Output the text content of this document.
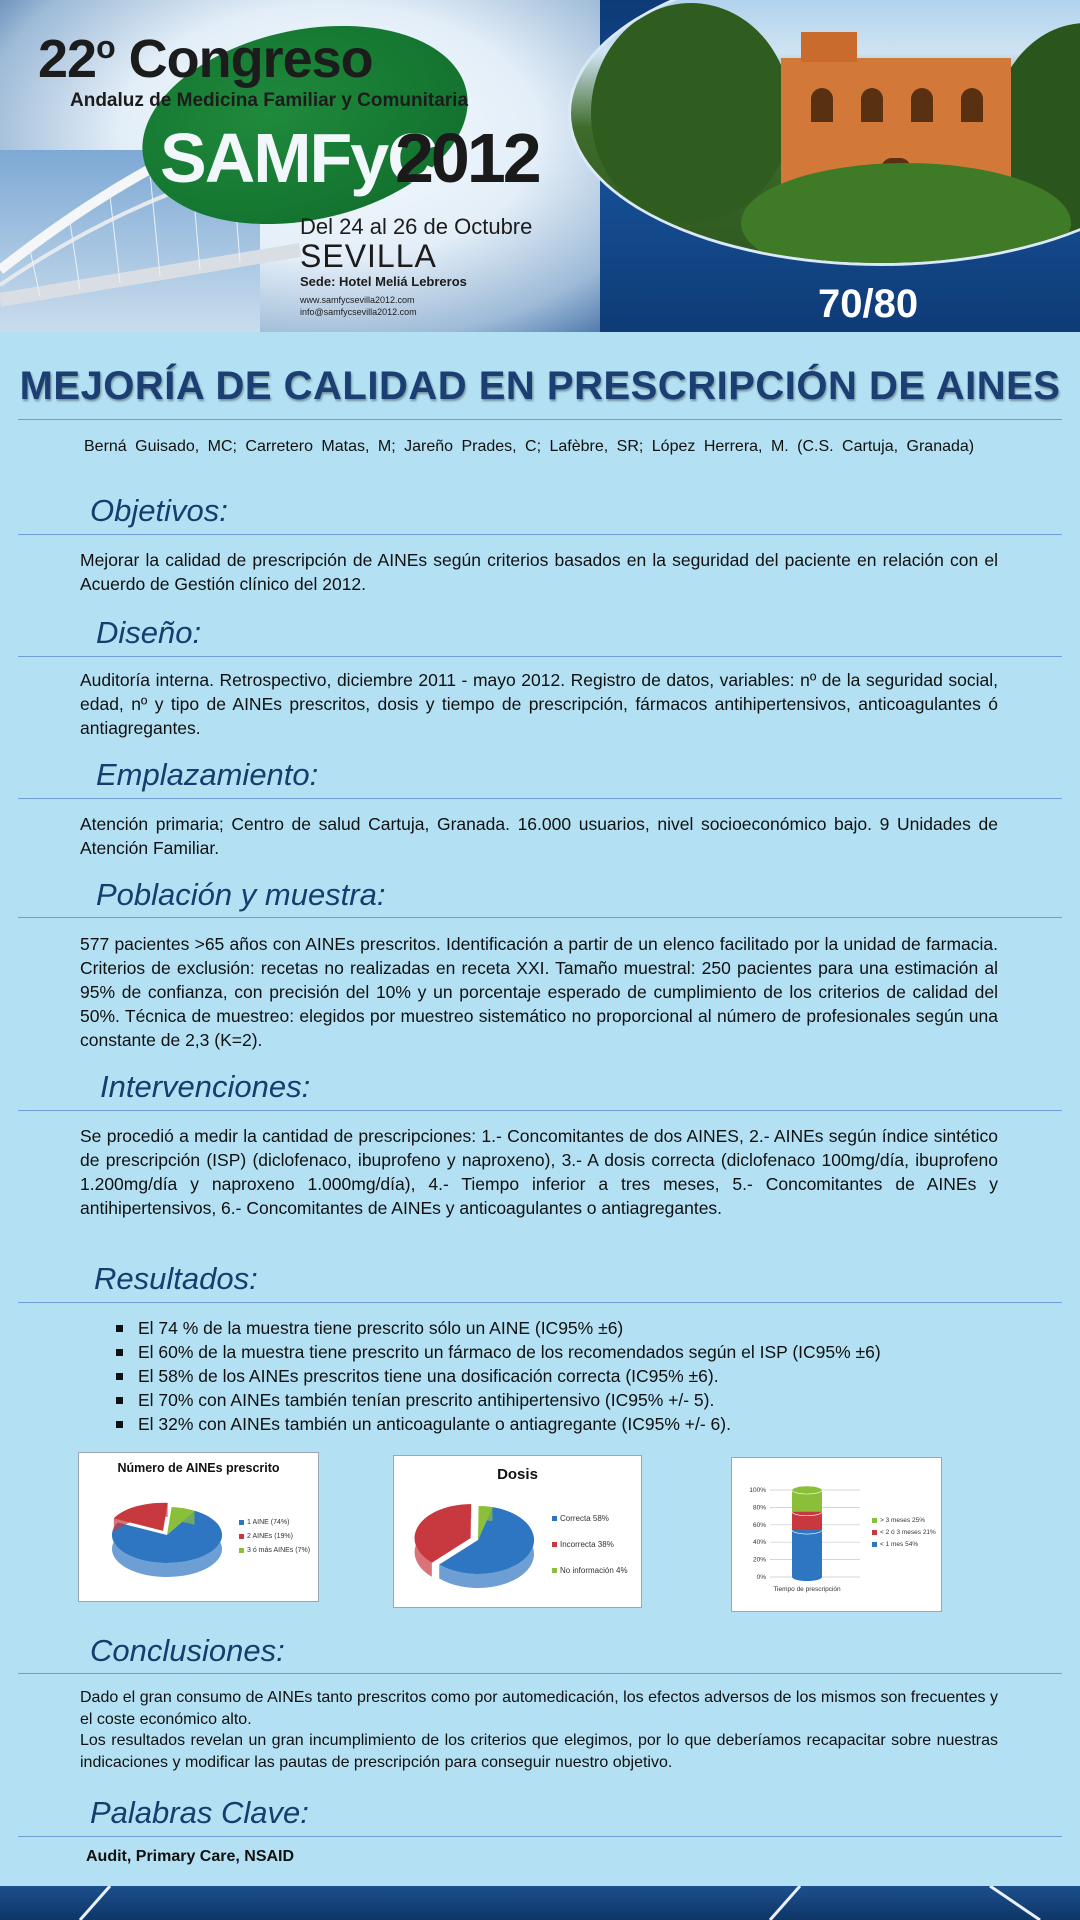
22$^o$ Congreso
Andaluz de Medicina Familiar y Comunitaria
SAMFyC
2012
Del 24 al 26 de Octubre
SEVILLA
Sede: Hotel Meliá Lebreros
www.samfycsevilla2012.com
info@samfycsevilla2012.com	70/80
MEJORÍA DE CALIDAD EN PRESCRIPCIÓN DE AINES
Berná Guisado, MC; Carretero Matas, M; Jareño Prades, C; Lafèbre, SR; López Herrera, M. (C.S. Cartuja, Granada)
Objetivos:
Mejorar la calidad de prescripción de AINEs según criterios basados en la seguridad del paciente en relación con el Acuerdo de Gestión clínico del 2012.
Diseño:
Auditoría interna. Retrospectivo, diciembre 2011 - mayo 2012. Registro de datos, variables: nº de la seguridad social, edad, nº y tipo de AINEs prescritos, dosis y tiempo de prescripción, fármacos antihipertensivos, anticoagulantes ó antiagregantes.
Emplazamiento:
Atención primaria; Centro de salud Cartuja, Granada. 16.000 usuarios, nivel socioeconómico bajo. 9 Unidades de Atención Familiar.
Población y muestra:
577 pacientes >65 años con AINEs prescritos. Identificación a partir de un elenco facilitado por la unidad de farmacia. Criterios de exclusión: recetas no realizadas en receta XXI. Tamaño muestral: 250 pacientes para una estimación al 95% de confianza, con precisión del 10% y un porcentaje esperado de cumplimiento de los criterios de calidad del 50%. Técnica de muestreo: elegidos por muestreo sistemático no proporcional al número de profesionales según una constante de 2,3 (K=2).
Intervenciones:
Se procedió a medir la cantidad de prescripciones: 1.- Concomitantes de dos AINES, 2.- AINEs según índice sintético de prescripción (ISP) (diclofenaco, ibuprofeno y naproxeno), 3.- A dosis correcta (diclofenaco 100mg/día, ibuprofeno 1.200mg/día y naproxeno 1.000mg/día), 4.- Tiempo inferior a tres meses, 5.- Concomitantes de AINEs y antihipertensivos, 6.- Concomitantes de AINEs y anticoagulantes o antiagregantes.
Resultados:
El 74 % de la muestra tiene prescrito sólo un AINE (IC95% ±6)
El 60% de la muestra tiene prescrito un fármaco de los recomendados según el ISP (IC95% ±6)
El 58% de los AINEs prescritos tiene una dosificación correcta (IC95% ±6).
El 70% con AINEs también tenían prescrito antihipertensivo (IC95% +/- 5).
El 32% con AINEs también un anticoagulante o antiagregante (IC95% +/- 6).
Número de AINEs prescrito
1 AINE (74%)
2 AINEs (19%)
3 ó más AINEs (7%)
Dosis
Correcta 58%
Incorrecta 38%
No información 4%
0%
20%
40%
60%
80%
100%
> 3 meses 25%
< 2 ó 3 meses 21%
< 1 mes 54%
Tiempo de prescripción
Conclusiones:
Dado el gran consumo de AINEs tanto prescritos como por automedicación, los efectos adversos de los mismos son frecuentes y el coste económico alto.
Los resultados revelan un gran incumplimiento de los criterios que elegimos, por lo que deberíamos recapacitar sobre nuestras indicaciones y modificar las pautas de prescripción para conseguir nuestro objetivo.
Palabras Clave:
Audit, Primary Care, NSAID
